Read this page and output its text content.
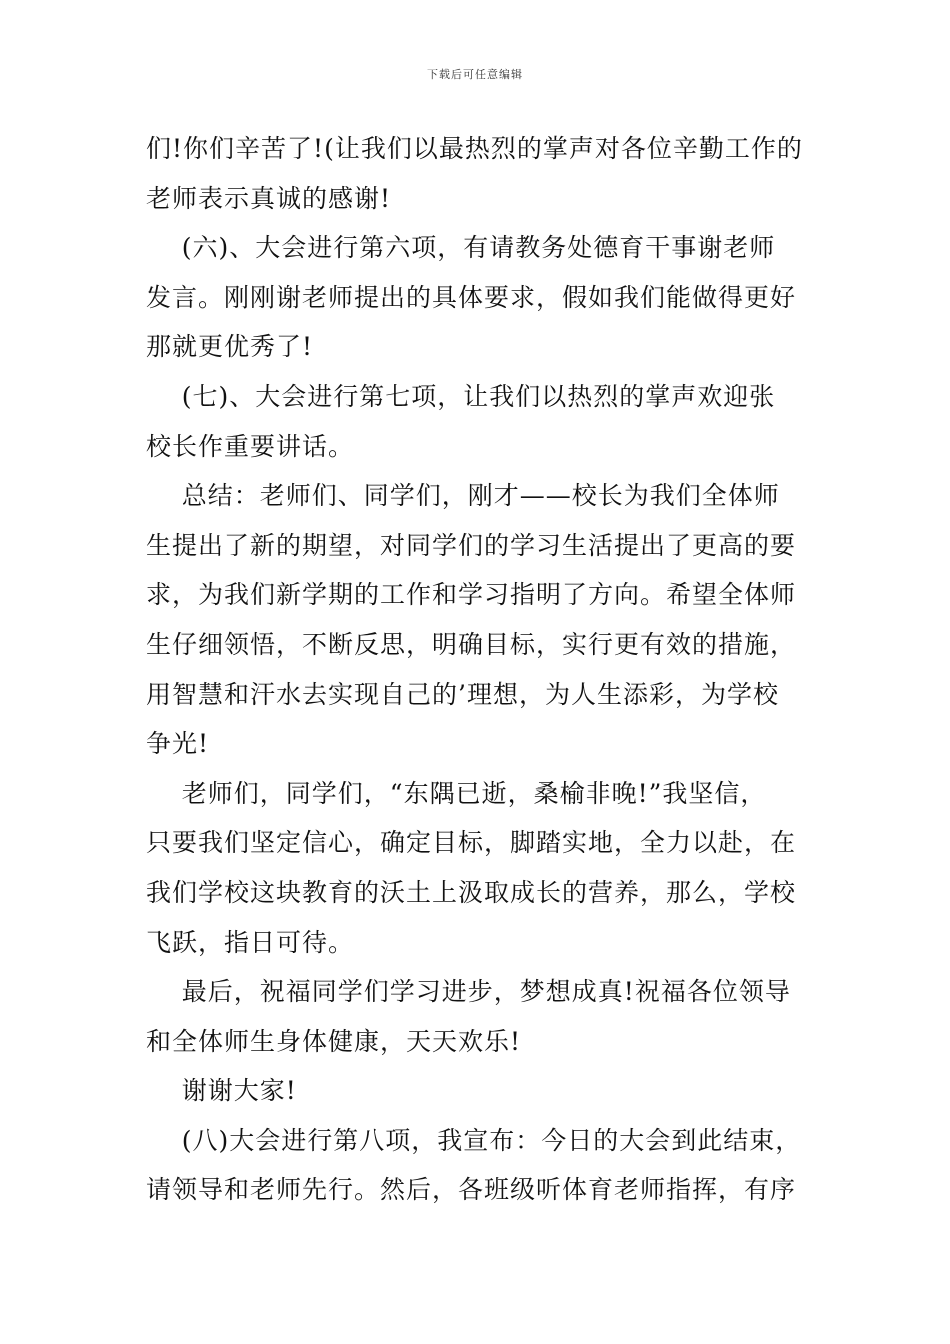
下载后可任意编辑

们!你们辛苦了!(让我们以最热烈的掌声对各位辛勤工作的

老师表示真诚的感谢!

(六)、大会进行第六项，有请教务处德育干事谢老师

发言。刚刚谢老师提出的具体要求，假如我们能做得更好

那就更优秀了!

(七)、大会进行第七项，让我们以热烈的掌声欢迎张

校长作重要讲话。

总结：老师们、同学们，刚才——校长为我们全体师

生提出了新的期望，对同学们的学习生活提出了更高的要

求，为我们新学期的工作和学习指明了方向。希望全体师

生仔细领悟，不断反思，明确目标，实行更有效的措施，

用智慧和汗水去实现自己的’理想，为人生添彩，为学校

争光!

老师们，同学们，“东隅已逝，桑榆非晚!”我坚信，

只要我们坚定信心，确定目标，脚踏实地，全力以赴，在

我们学校这块教育的沃土上汲取成长的营养，那么，学校

飞跃，指日可待。

最后，祝福同学们学习进步，梦想成真!祝福各位领导

和全体师生身体健康，天天欢乐!

谢谢大家!

(八)大会进行第八项，我宣布：今日的大会到此结束，

请领导和老师先行。然后，各班级听体育老师指挥，有序
